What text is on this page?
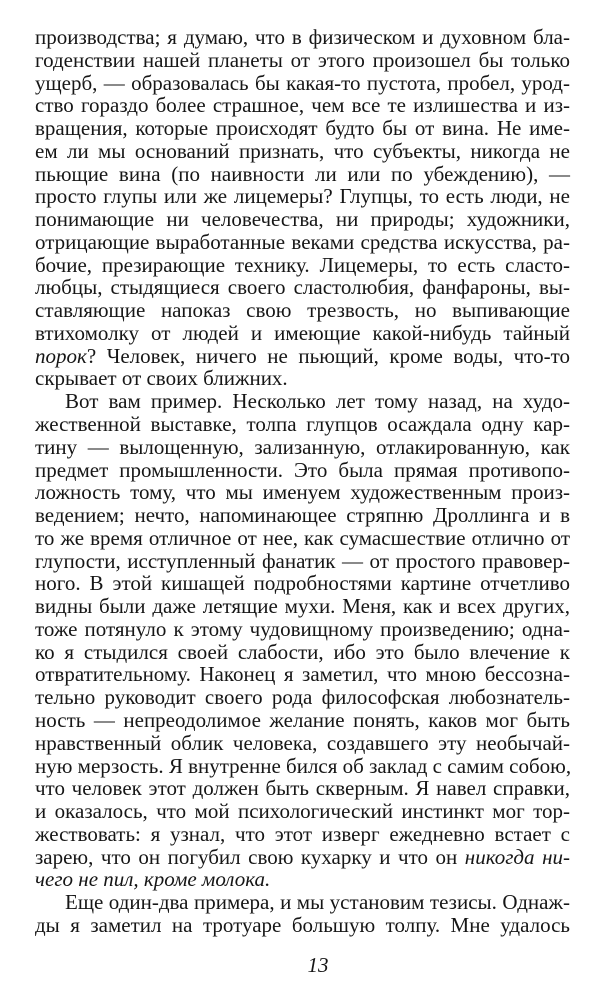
производства; я думаю, что в физическом и духовном бла-
годенствии нашей планеты от этого произошел бы только
ущерб, — образовалась бы какая-то пустота, пробел, урод-
ство гораздо более страшное, чем все те излишества и из-
вращения, которые происходят будто бы от вина. Не име-
ем ли мы оснований признать, что субъекты, никогда не
пьющие вина (по наивности ли или по убеждению), —
просто глупы или же лицемеры? Глупцы, то есть люди, не
понимающие ни человечества, ни природы; художники,
отрицающие выработанные веками средства искусства, ра-
бочие, презирающие технику. Лицемеры, то есть сласто-
любцы, стыдящиеся своего сластолюбия, фанфароны, вы-
ставляющие напоказ свою трезвость, но выпивающие
втихомолку от людей и имеющие какой-нибудь тайный
порок? Человек, ничего не пьющий, кроме воды, что-то
скрывает от своих ближних.
Вот вам пример. Несколько лет тому назад, на худо-
жественной выставке, толпа глупцов осаждала одну кар-
тину — вылощенную, зализанную, отлакированную, как
предмет промышленности. Это была прямая противопо-
ложность тому, что мы именуем художественным произ-
ведением; нечто, напоминающее стряпню Дроллинга и в
то же время отличное от нее, как сумасшествие отлично от
глупости, исступленный фанатик — от простого правовер-
ного. В этой кишащей подробностями картине отчетливо
видны были даже летящие мухи. Меня, как и всех других,
тоже потянуло к этому чудовищному произведению; одна-
ко я стыдился своей слабости, ибо это было влечение к
отвратительному. Наконец я заметил, что мною бессозна-
тельно руководит своего рода философская любознатель-
ность — непреодолимое желание понять, каков мог быть
нравственный облик человека, создавшего эту необычай-
ную мерзость. Я внутренне бился об заклад с самим собою,
что человек этот должен быть скверным. Я навел справки,
и оказалось, что мой психологический инстинкт мог тор-
жествовать: я узнал, что этот изверг ежедневно встает с
зарею, что он погубил свою кухарку и что он никогда ни-
чего не пил, кроме молока.
Еще один-два примера, и мы установим тезисы. Однаж-
ды я заметил на тротуаре большую толпу. Мне удалось
13
